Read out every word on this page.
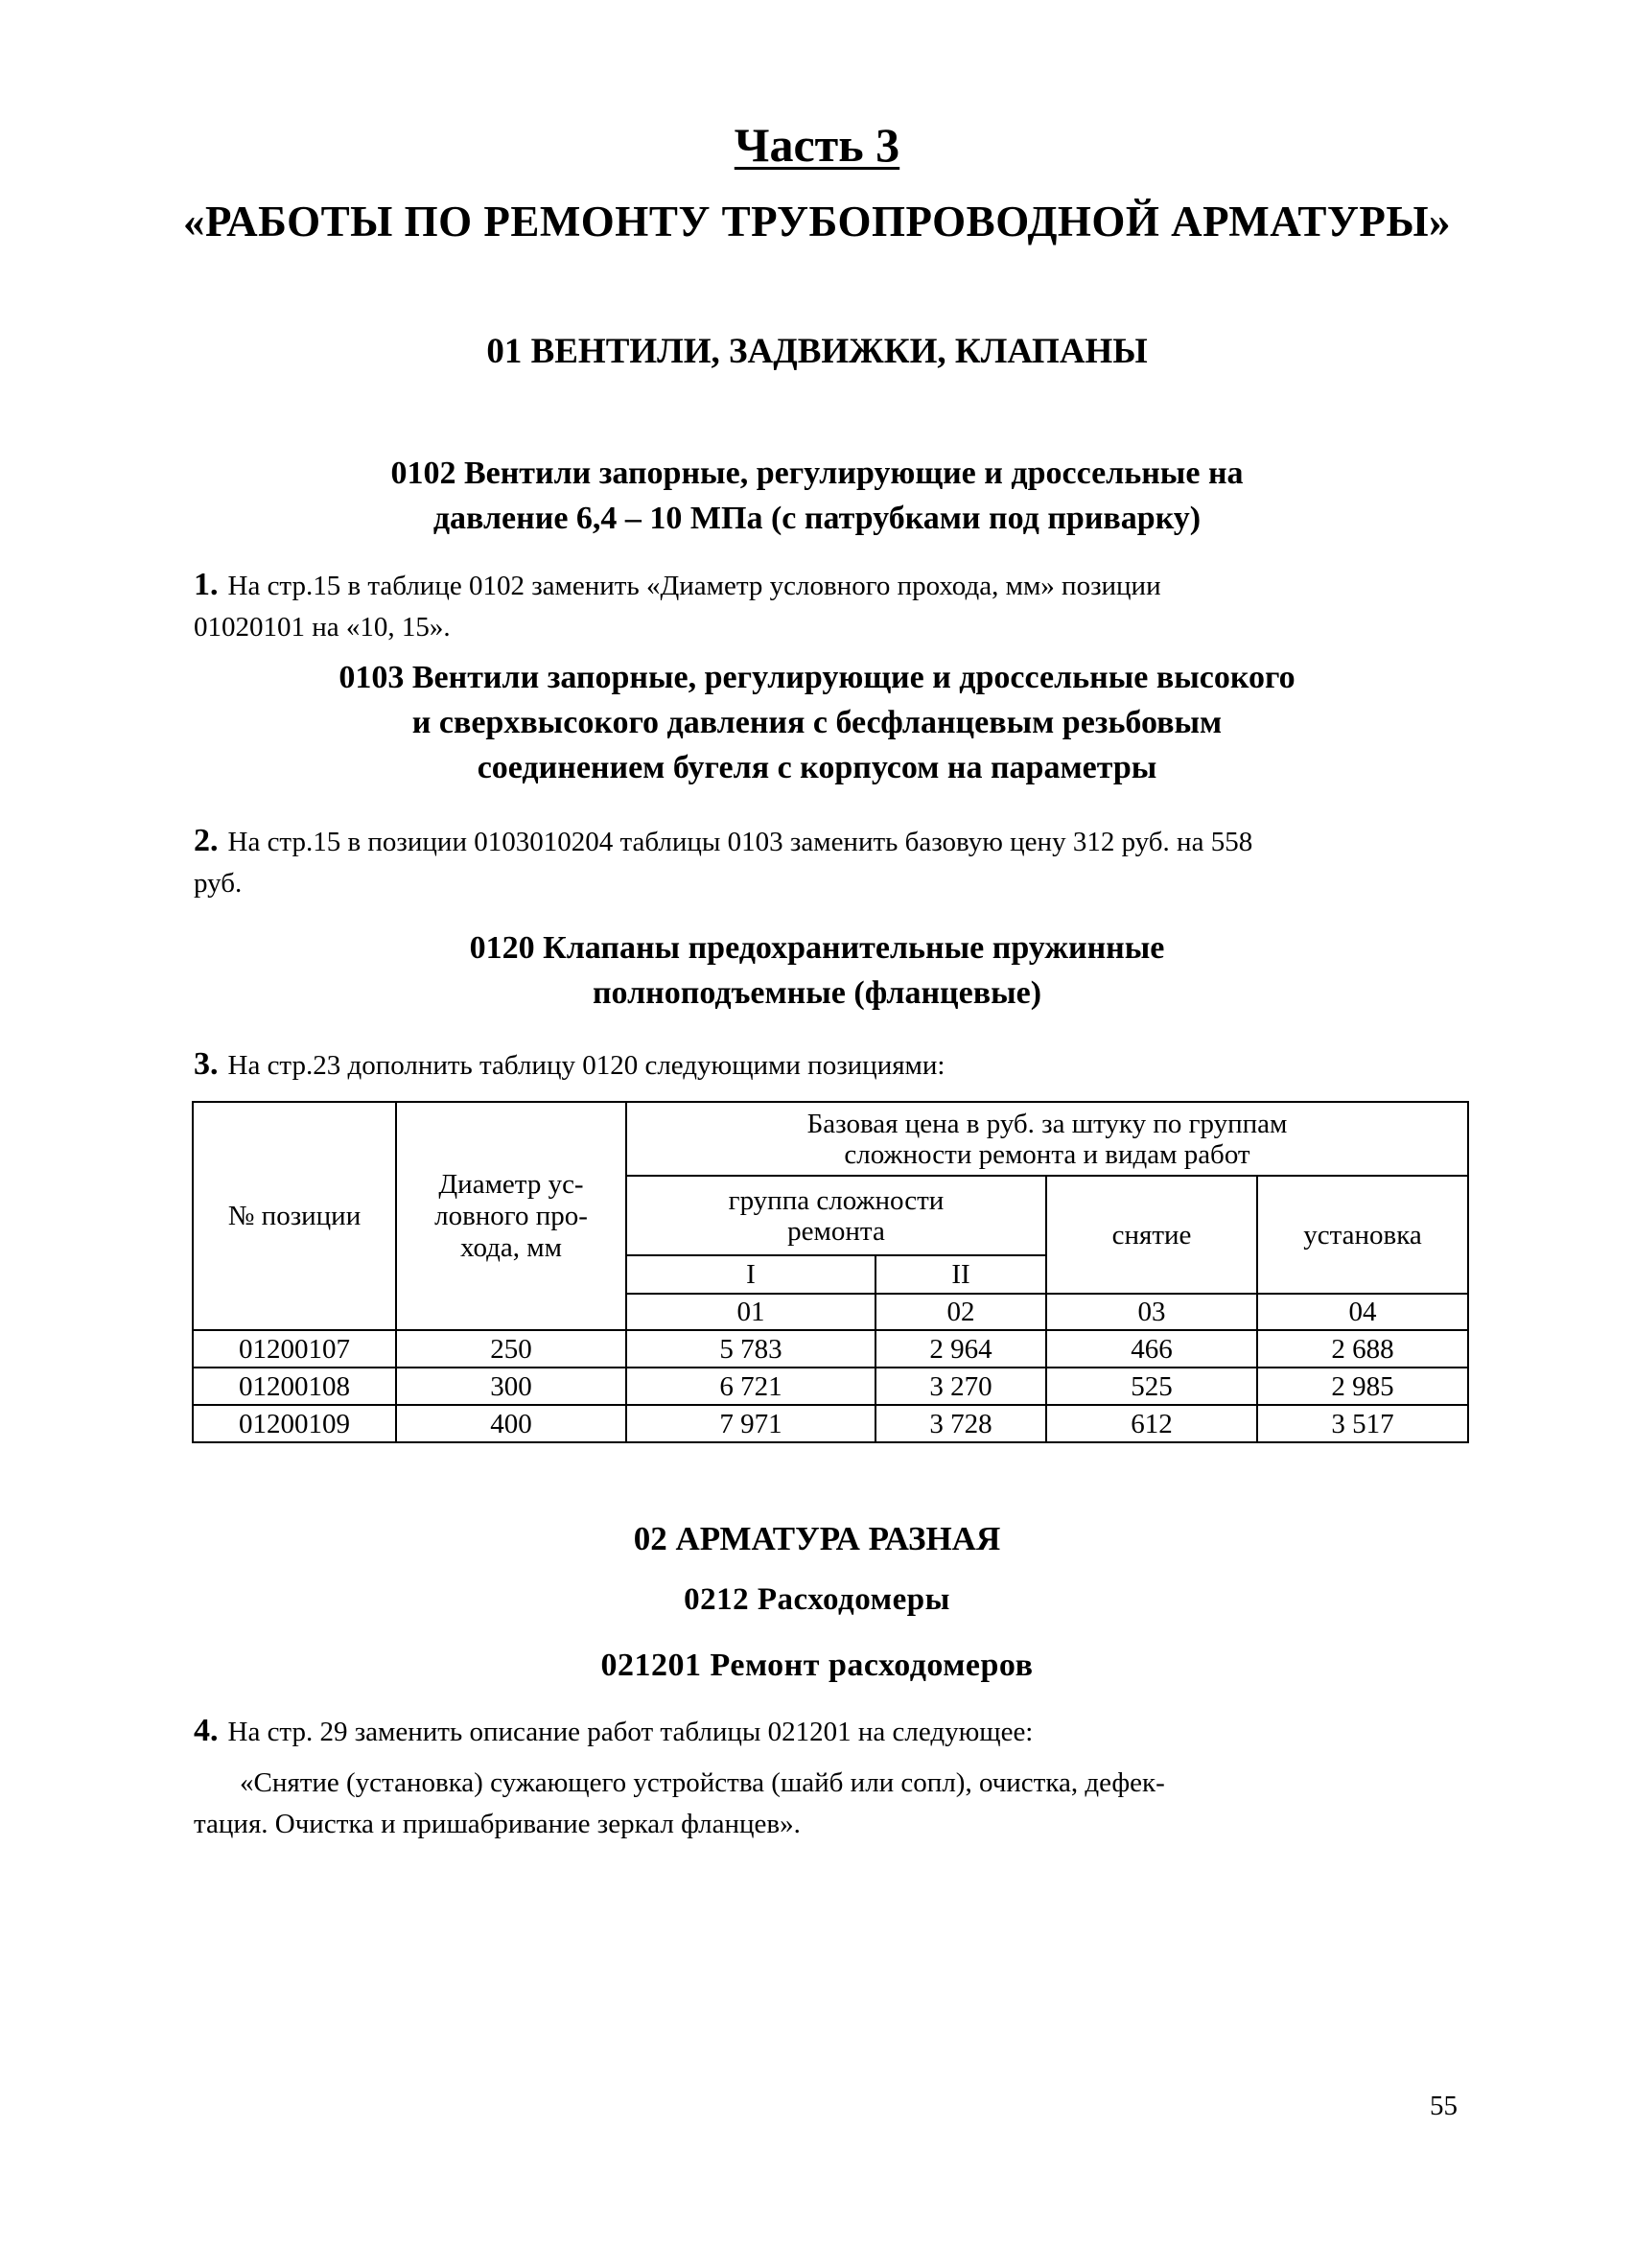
Часть 3
«РАБОТЫ ПО РЕМОНТУ ТРУБОПРОВОДНОЙ АРМАТУРЫ»
01 ВЕНТИЛИ, ЗАДВИЖКИ, КЛАПАНЫ
0102 Вентили запорные, регулирующие и дроссельные на
давление 6,4 – 10 МПа (с патрубками под приварку)
1. На стр.15 в таблице 0102 заменить «Диаметр условного прохода, мм» позиции
01020101 на «10, 15».
0103 Вентили запорные, регулирующие и дроссельные высокого
и сверхвысокого давления с бесфланцевым резьбовым
соединением бугеля с корпусом на параметры
2. На стр.15 в позиции 0103010204 таблицы 0103 заменить базовую цену 312 руб. на 558
руб.
0120 Клапаны предохранительные пружинные
полноподъемные (фланцевые)
3. На стр.23 дополнить таблицу 0120 следующими позициями:
№ позиции	Диаметр ус-ловного про-хода, мм	Базовая цена в руб. за штуку по группам сложности ремонта и видам работ			
		группа сложности ремонта		снятие	установка
		I	II		
		01	02	03	04
01200107	250	5 783	2 964	466	2 688
01200108	300	6 721	3 270	525	2 985
01200109	400	7 971	3 728	612	3 517
02 АРМАТУРА РАЗНАЯ
0212 Расходомеры
021201 Ремонт расходомеров
4. На стр. 29 заменить описание работ таблицы 021201 на следующее:
«Снятие (установка) сужающего устройства (шайб или сопл), очистка, дефек-
тация. Очистка и пришабривание зеркал фланцев».
55
